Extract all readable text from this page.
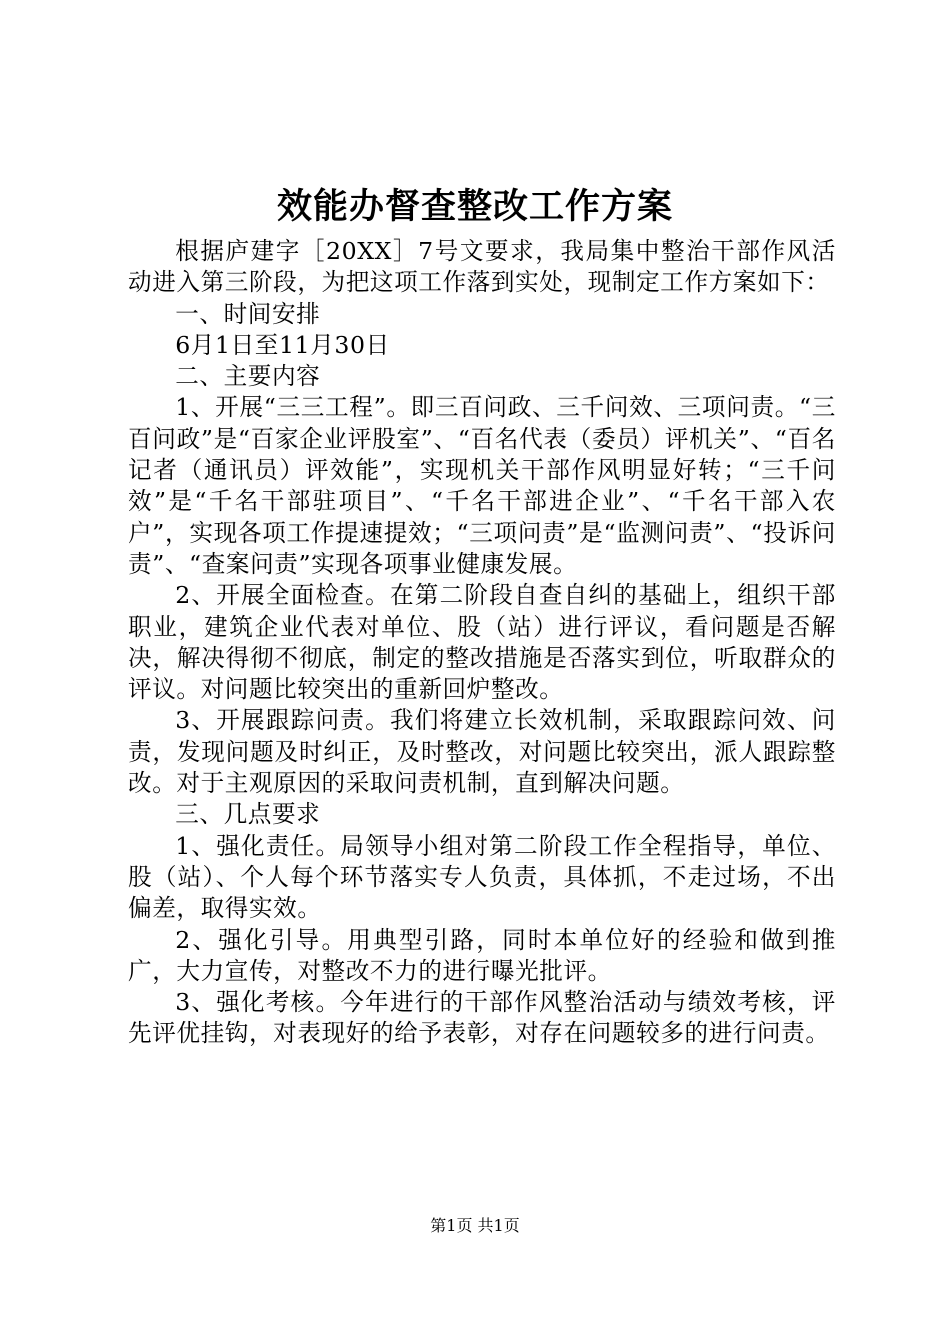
效能办督查整改工作方案

根据庐建字［20XX］7号文要求，我局集中整治干部作风活动进入第三阶段，为把这项工作落到实处，现制定工作方案如下：

一、时间安排

6月1日至11月30日

二、主要内容

1、开展“三三工程”。即三百问政、三千问效、三项问责。“三百问政”是“百家企业评股室”、“百名代表（委员）评机关”、“百名记者（通讯员）评效能”，实现机关干部作风明显好转；“三千问效”是“千名干部驻项目”、“千名干部进企业”、“千名干部入农户”，实现各项工作提速提效；“三项问责”是“监测问责”、“投诉问责”、“查案问责”实现各项事业健康发展。

2、开展全面检查。在第二阶段自查自纠的基础上，组织干部职业，建筑企业代表对单位、股（站）进行评议，看问题是否解决，解决得彻不彻底，制定的整改措施是否落实到位，听取群众的评议。对问题比较突出的重新回炉整改。

3、开展跟踪问责。我们将建立长效机制，采取跟踪问效、问责，发现问题及时纠正，及时整改，对问题比较突出，派人跟踪整改。对于主观原因的采取问责机制，直到解决问题。

三、几点要求

1、强化责任。局领导小组对第二阶段工作全程指导，单位、股（站）、个人每个环节落实专人负责，具体抓，不走过场，不出偏差，取得实效。

2、强化引导。用典型引路，同时本单位好的经验和做到推广，大力宣传，对整改不力的进行曝光批评。

3、强化考核。今年进行的干部作风整治活动与绩效考核，评先评优挂钩，对表现好的给予表彰，对存在问题较多的进行问责。

第1页 共1页
